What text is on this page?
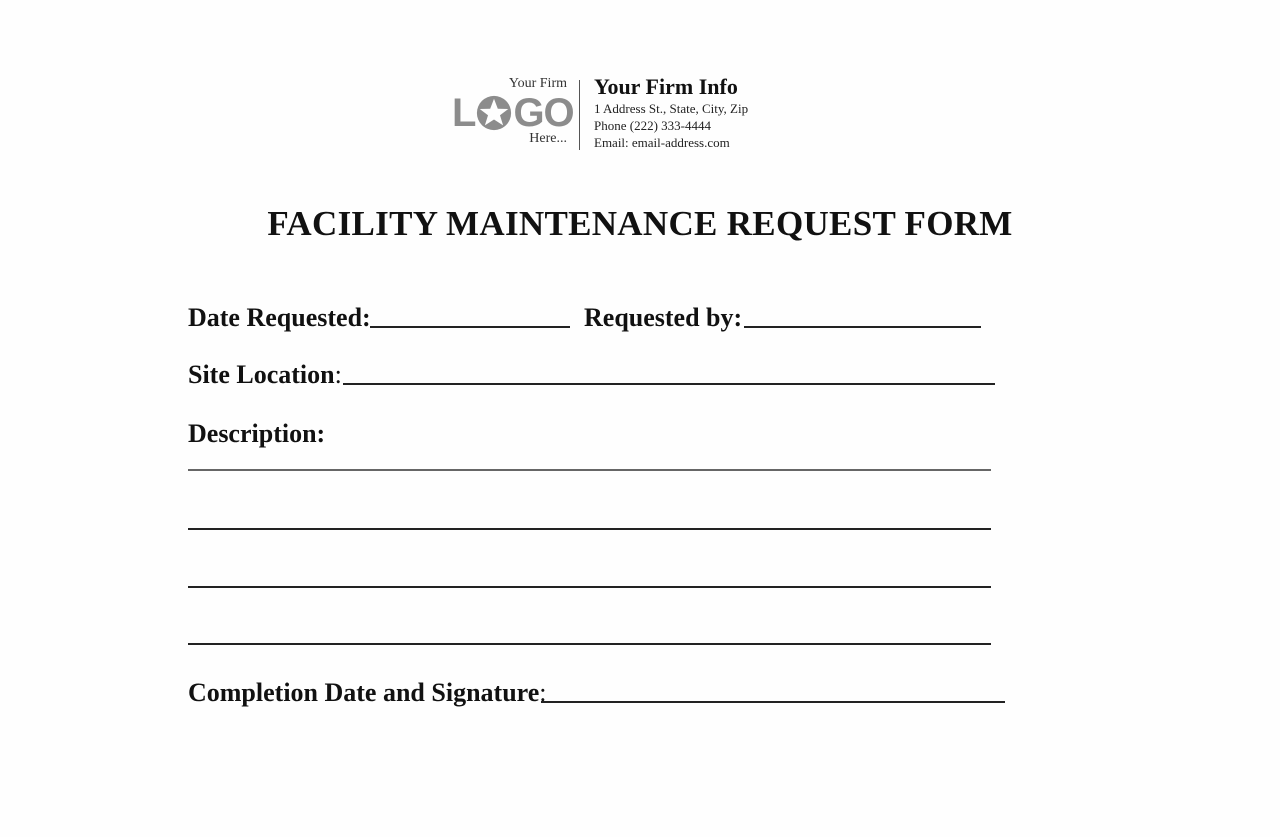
Your Firm
L GO
Here...
Your Firm Info
1 Address St., State, City, Zip
Phone (222) 333-4444
Email: email-address.com
FACILITY MAINTENANCE REQUEST FORM
Date Requested:	Requested by:
Site Location:
Description:
Completion Date and Signature:
